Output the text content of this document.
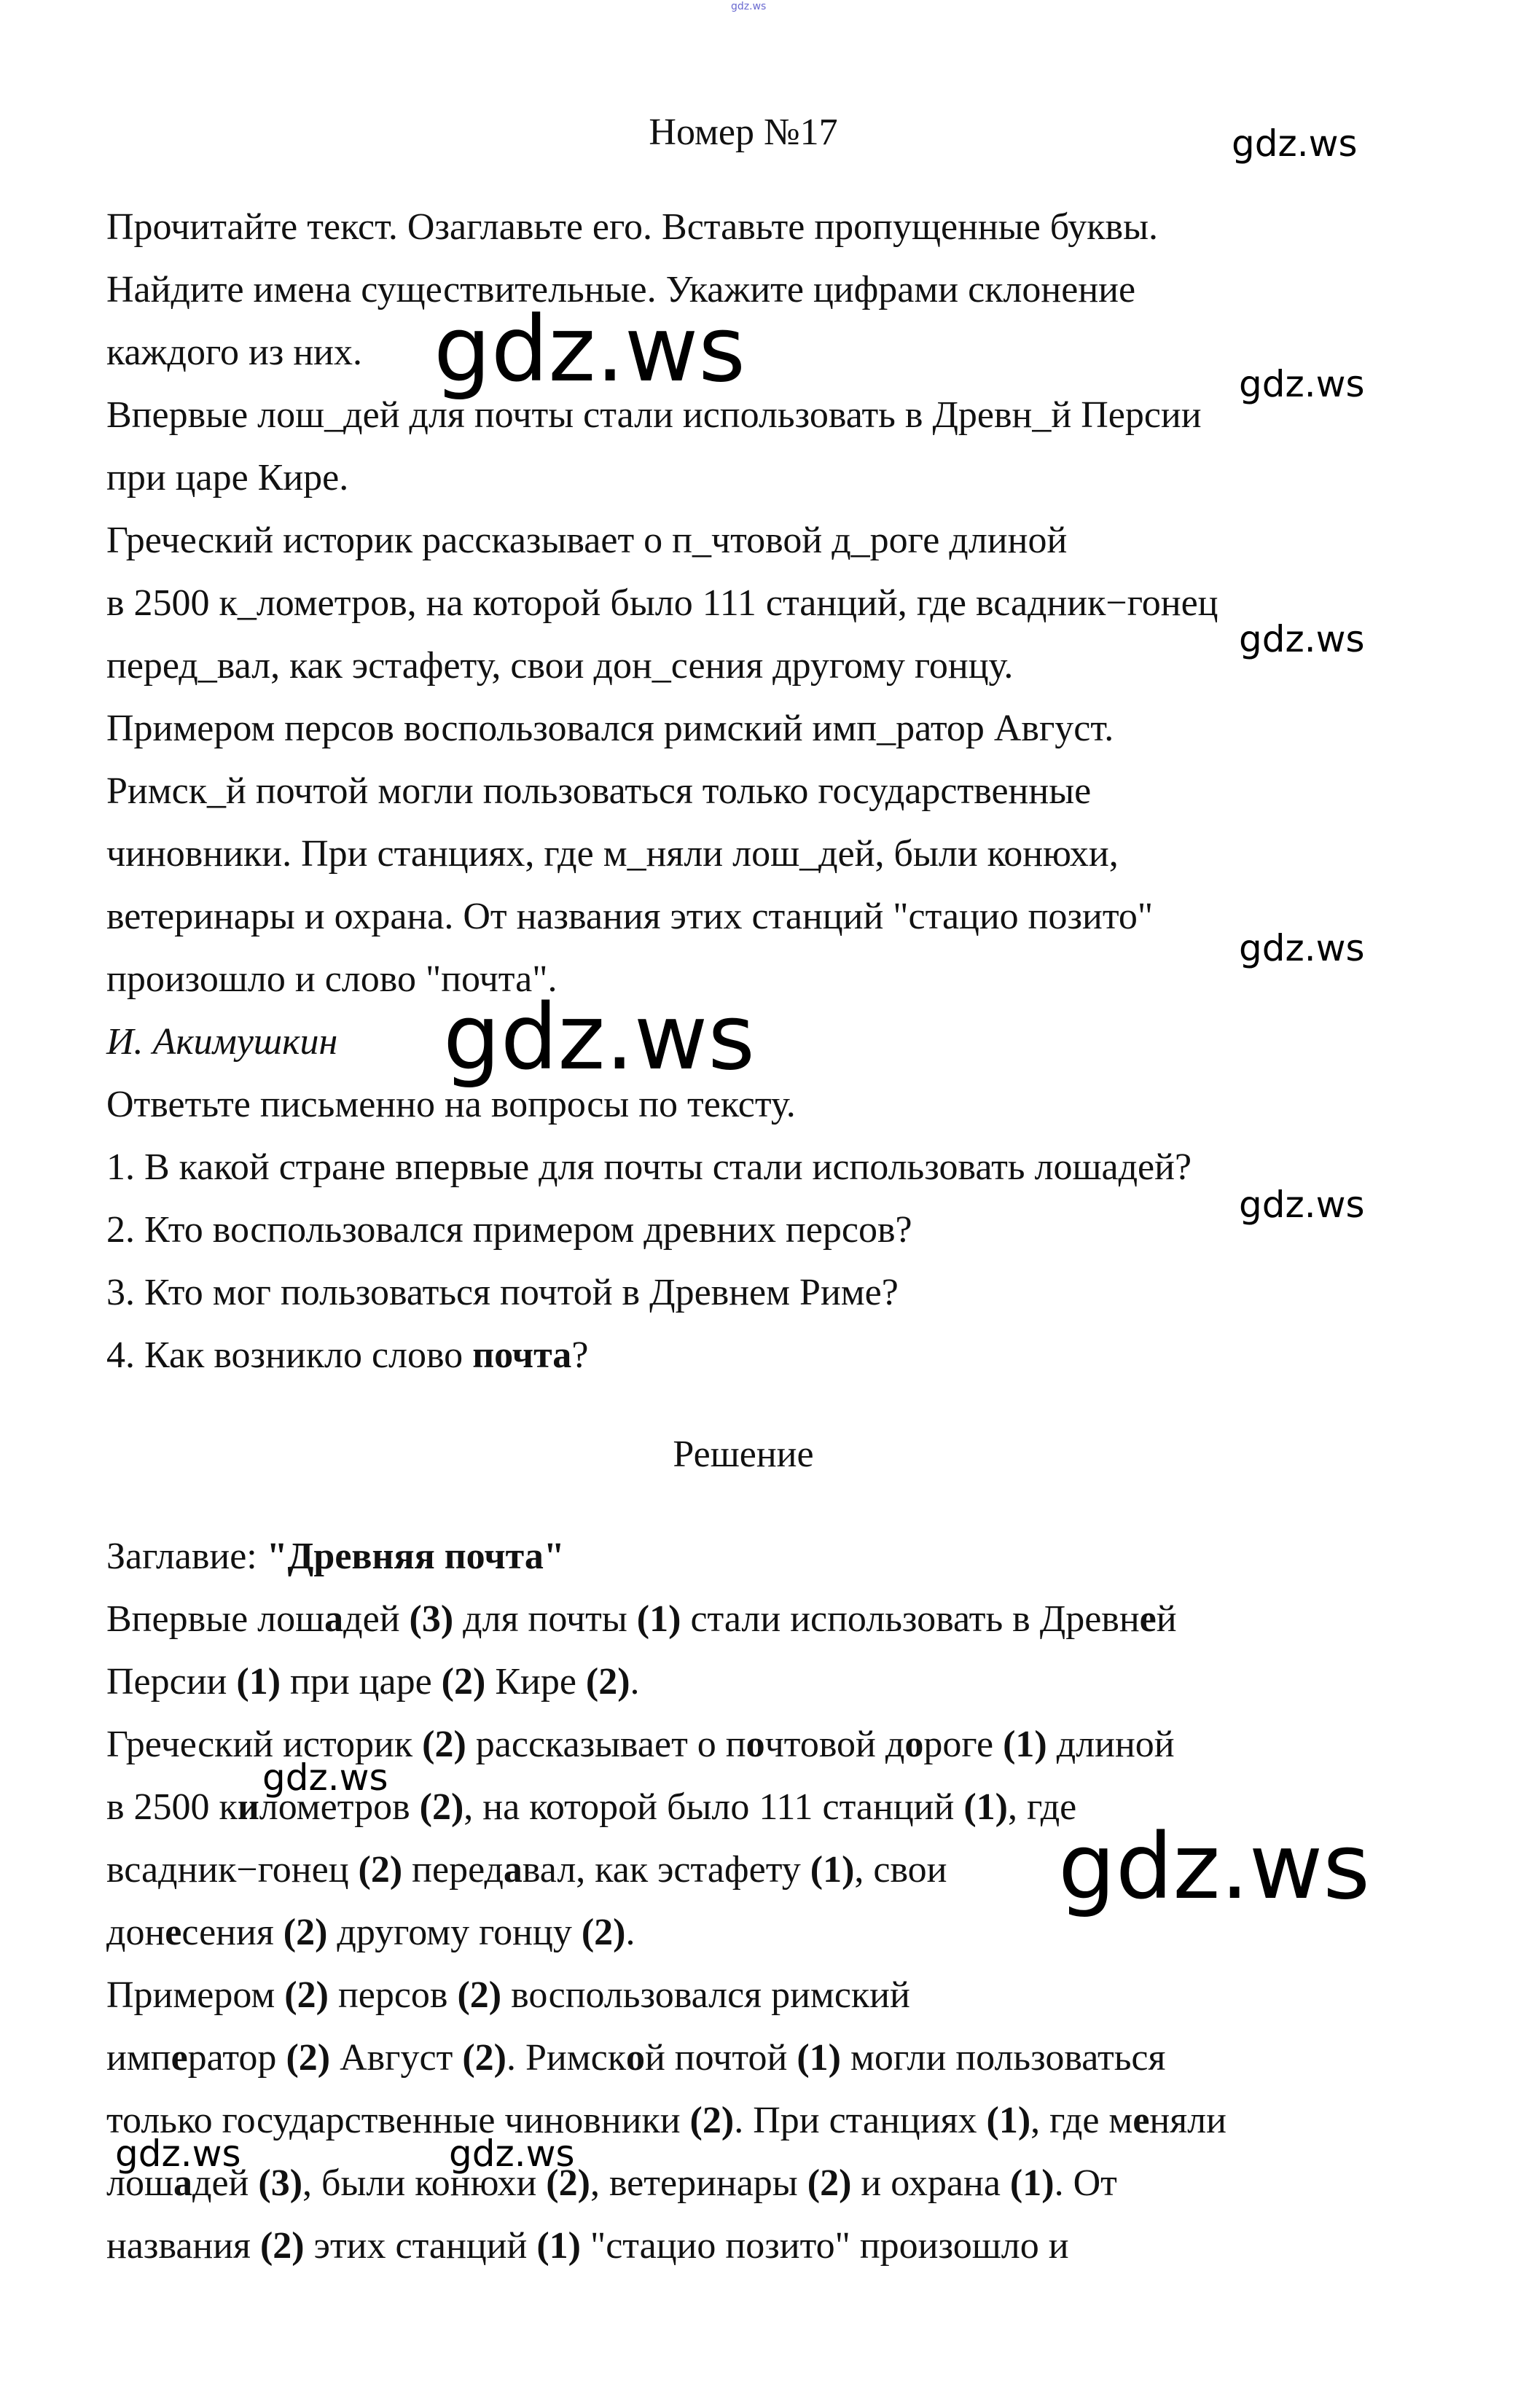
gdz.ws
Номер №17
Прочитайте текст. Озаглавьте его. Вставьте пропущенные буквы.
Найдите имена существительные. Укажите цифрами склонение
каждого из них.
Впервые лош_дей для почты стали использовать в Древн_й Персии
при царе Кире.
Греческий историк рассказывает о п_чтовой д_роге длиной
в 2500 к_лометров, на которой было 111 станций, где всадник−гонец
перед_вал, как эстафету, свои дон_сения другому гонцу.
Примером персов воспользовался римский имп_ратор Август.
Римск_й почтой могли пользоваться только государственные
чиновники. При станциях, где м_няли лош_дей, были конюхи,
ветеринары и охрана. От названия этих станций "стацио позито"
произошло и слово "почта".
И. Акимушкин
Ответьте письменно на вопросы по тексту.
1. В какой стране впервые для почты стали использовать лошадей?
2. Кто воспользовался примером древних персов?
3. Кто мог пользоваться почтой в Древнем Риме?
4. Как возникло слово почта?
Решение
Заглавие: "Древняя почта"
Впервые лошадей (3) для почты (1) стали использовать в Древней
Персии (1) при царе (2) Кире (2).
Греческий историк (2) рассказывает о почтовой дороге (1) длиной
в 2500 километров (2), на которой было 111 станций (1), где
всадник−гонец (2) передавал, как эстафету (1), свои
донесения (2) другому гонцу (2).
Примером (2) персов (2) воспользовался римский
император (2) Август (2). Римской почтой (1) могли пользоваться
только государственные чиновники (2). При станциях (1), где меняли
лошадей (3), были конюхи (2), ветеринары (2) и охрана (1). От
названия (2) этих станций (1) "стацио позито" произошло и
gdz.ws
gdz.ws	gdz.ws
gdz.ws
gdz.ws
gdz.ws
gdz.ws
gdz.ws
gdz.ws
gdz.ws	gdz.ws
